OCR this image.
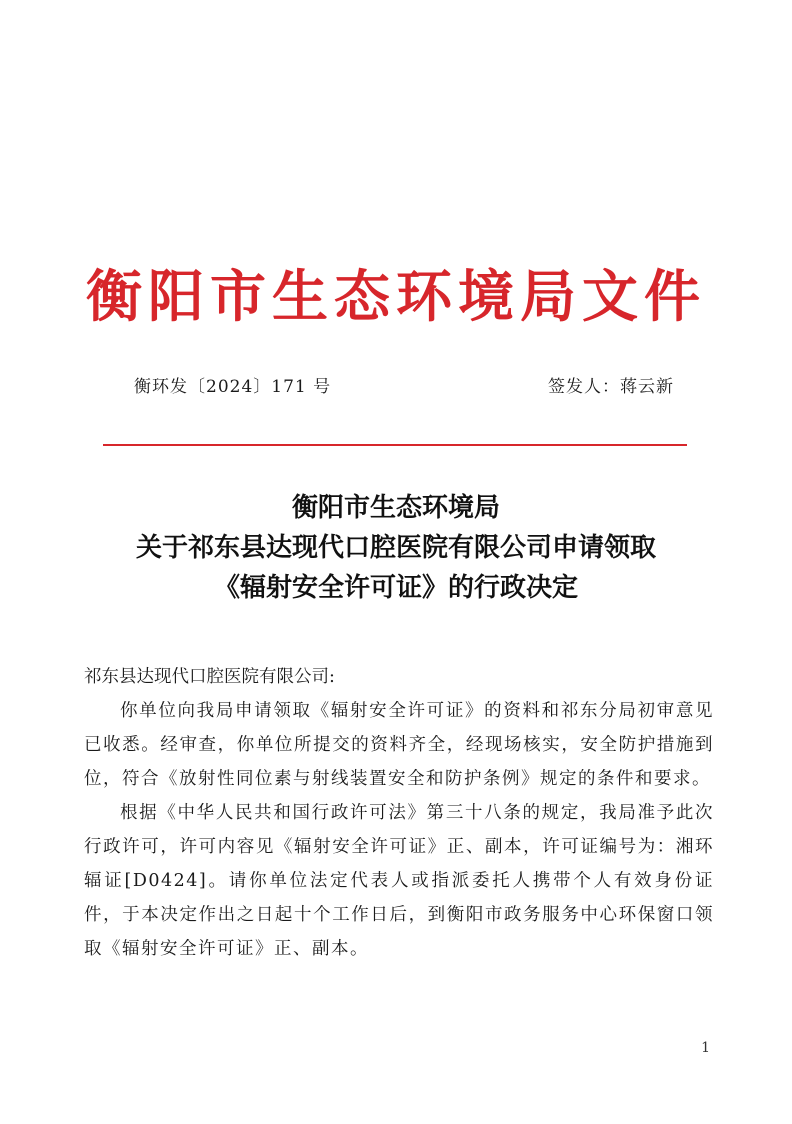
衡阳市生态环境局文件
衡环发〔2024〕171 号	签发人：蒋云新
衡阳市生态环境局
关于祁东县达现代口腔医院有限公司申请领取
《辐射安全许可证》的行政决定

祁东县达现代口腔医院有限公司:

你单位向我局申请领取《辐射安全许可证》的资料和祁东分局初审意见已收悉。经审查，你单位所提交的资料齐全，经现场核实，安全防护措施到位，符合《放射性同位素与射线装置安全和防护条例》规定的条件和要求。

根据《中华人民共和国行政许可法》第三十八条的规定，我局准予此次行政许可，许可内容见《辐射安全许可证》正、副本，许可证编号为：湘环辐证[D0424]。请你单位法定代表人或指派委托人携带个人有效身份证件，于本决定作出之日起十个工作日后，到衡阳市政务服务中心环保窗口领取《辐射安全许可证》正、副本。

1
